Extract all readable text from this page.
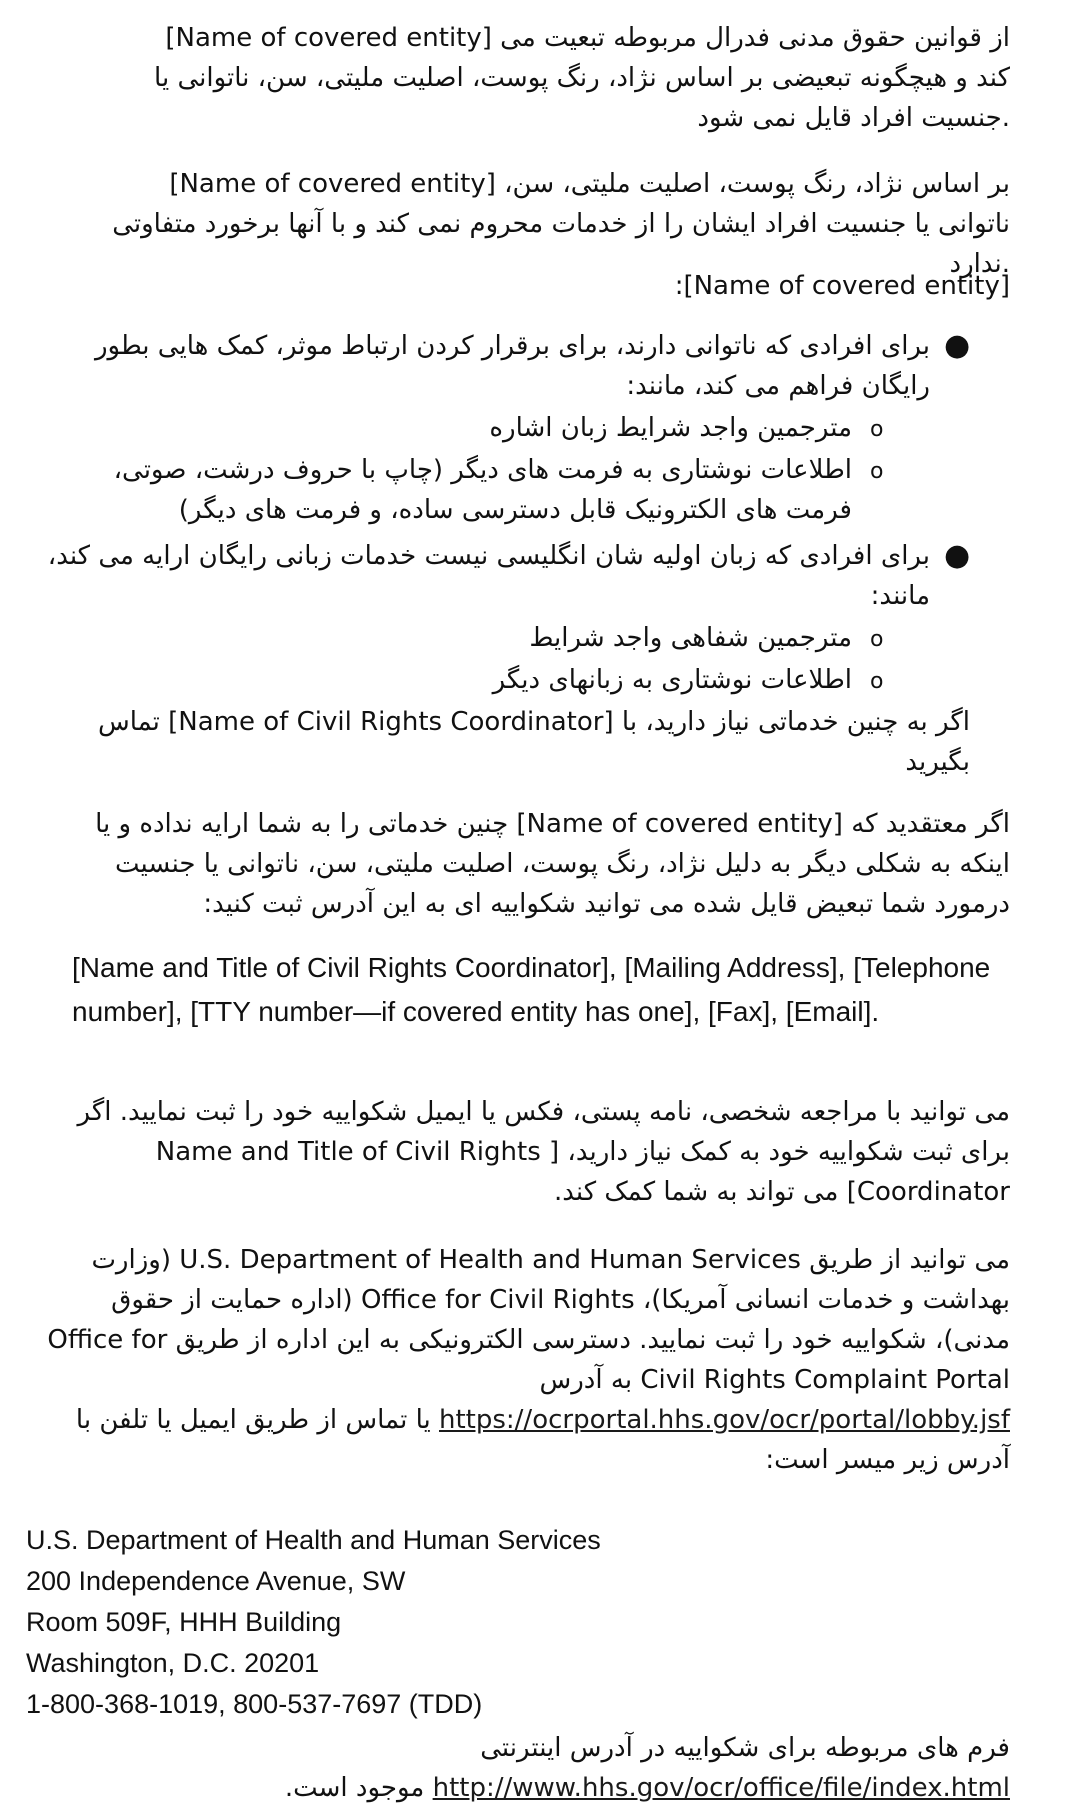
[Name of covered entity] از قوانین حقوق مدنی فدرال مربوطه تبعیت می کند و هیچگونه تبعیضی بر اساس نژاد، رنگ پوست، اصلیت ملیتی، سن، ناتوانی یا جنسیت افراد قایل نمی شود.
[Name of covered entity] بر اساس نژاد، رنگ پوست، اصلیت ملیتی، سن، ناتوانی یا جنسیت افراد ایشان را از خدمات محروم نمی کند و با آنها برخورد متفاوتی ندارد.
:[Name of covered entity]
●
برای افرادی که ناتوانی دارند، برای برقرار کردن ارتباط موثر، کمک هایی بطور رایگان فراهم می کند، مانند:
o
مترجمین واجد شرایط زبان اشاره
o
اطلاعات نوشتاری به فرمت های دیگر (چاپ با حروف درشت، صوتی، فرمت های الکترونیک قابل دسترسی ساده، و فرمت های دیگر)
●
برای افرادی که زبان اولیه شان انگلیسی نیست خدمات زبانی رایگان ارایه می کند، مانند:
o
مترجمین شفاهی واجد شرایط
o
اطلاعات نوشتاری به زبانهای دیگر
اگر به چنین خدماتی نیاز دارید، با [Name of Civil Rights Coordinator] تماس بگیرید
اگر معتقدید که [Name of covered entity] چنین خدماتی را به شما ارایه نداده و یا اینکه به شکلی دیگر به دلیل نژاد، رنگ پوست، اصلیت ملیتی، سن، ناتوانی یا جنسیت درمورد شما تبعیض قایل شده می توانید شکواییه ای به این آدرس ثبت کنید:
[Name and Title of Civil Rights Coordinator], [Mailing Address], [Telephone number], [TTY number—if covered entity has one], [Fax], [Email].
می توانید با مراجعه شخصی، نامه پستی، فکس یا ایمیل شکواییه خود را ثبت نمایید. اگر برای ثبت شکواییه خود به کمک نیاز دارید، [ Name and Title of Civil Rights Coordinator] می تواند به شما کمک کند.
می توانید از طریق U.S. Department of Health and Human Services (وزارت بهداشت و خدمات انسانی آمریکا)، Office for Civil Rights (اداره حمایت از حقوق مدنی)، شکواییه خود را ثبت نمایید. دسترسی الکترونیکی به این اداره از طریق Office for Civil Rights Complaint Portal به آدرس https://ocrportal.hhs.gov/ocr/portal/lobby.jsf یا تماس از طریق ایمیل یا تلفن با آدرس زیر میسر است:
U.S. Department of Health and Human Services
200 Independence Avenue, SW
Room 509F, HHH Building
Washington, D.C. 20201
1-800-368-1019, 800-537-7697 (TDD)
فرم های مربوطه برای شکواییه در آدرس اینترنتی http://www.hhs.gov/ocr/office/file/index.html موجود است.
